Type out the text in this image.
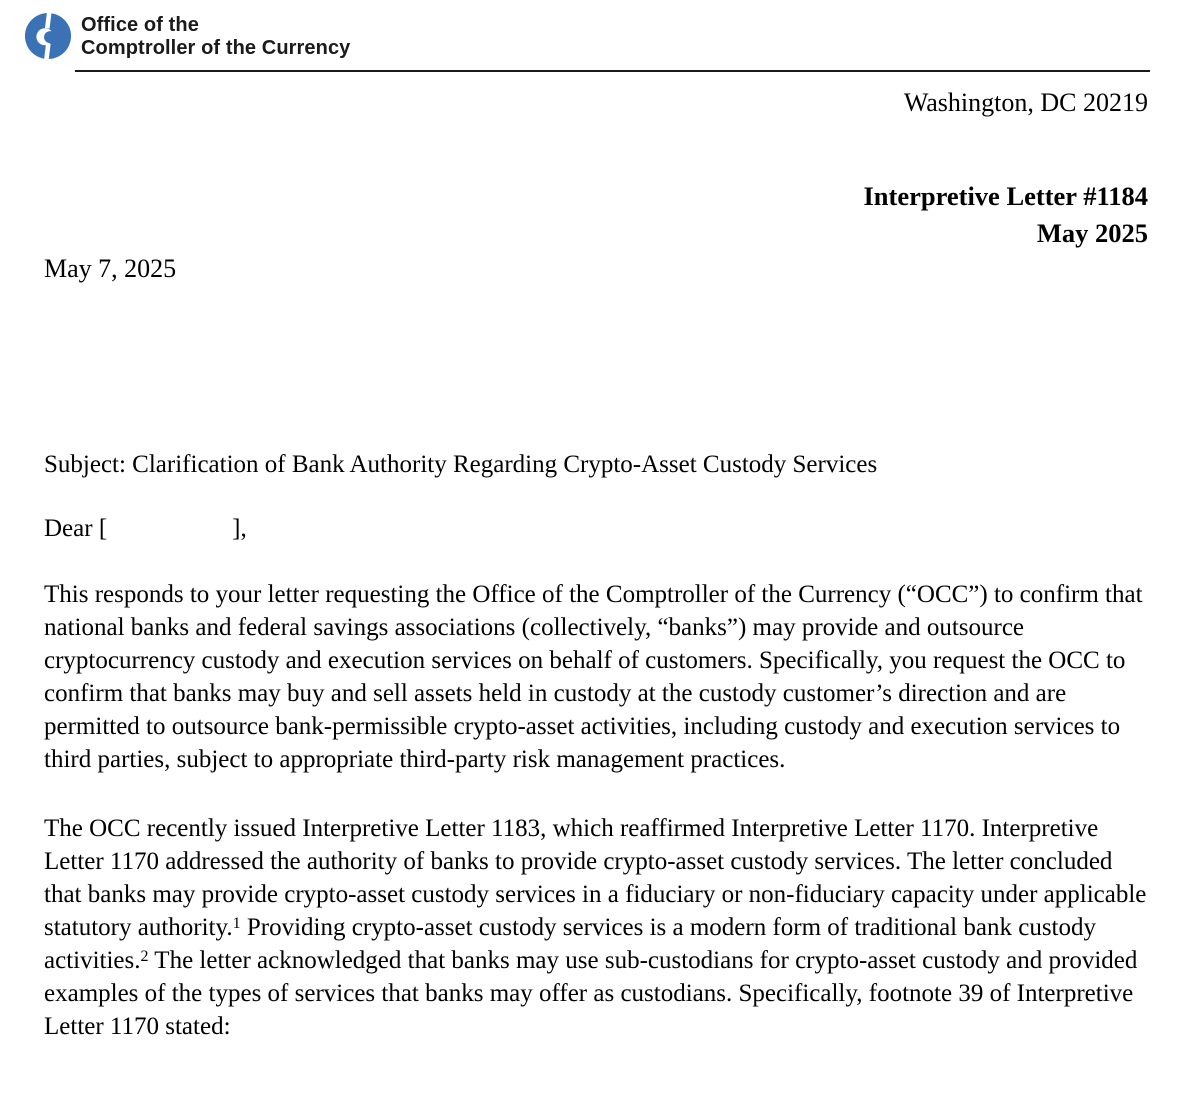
Office of the
Comptroller of the Currency
Washington, DC 20219
Interpretive Letter #1184
May 2025
May 7, 2025
Subject: Clarification of Bank Authority Regarding Crypto-Asset Custody Services
Dear [	],

This responds to your letter requesting the Office of the Comptroller of the Currency (“OCC”) to confirm that national banks and federal savings associations (collectively, “banks”) may provide and outsource cryptocurrency custody and execution services on behalf of customers. Specifically, you request the OCC to confirm that banks may buy and sell assets held in custody at the custody customer’s direction and are permitted to outsource bank-permissible crypto-asset activities, including custody and execution services to third parties, subject to appropriate third-party risk management practices.

The OCC recently issued Interpretive Letter 1183, which reaffirmed Interpretive Letter 1170. Interpretive Letter 1170 addressed the authority of banks to provide crypto-asset custody services. The letter concluded that banks may provide crypto-asset custody services in a fiduciary or non-fiduciary capacity under applicable statutory authority.$^1$ Providing crypto-asset custody services is a modern form of traditional bank custody activities.$^2$ The letter acknowledged that banks may use sub-custodians for crypto-asset custody and provided examples of the types of services that banks may offer as custodians. Specifically, footnote 39 of Interpretive Letter 1170 stated:
